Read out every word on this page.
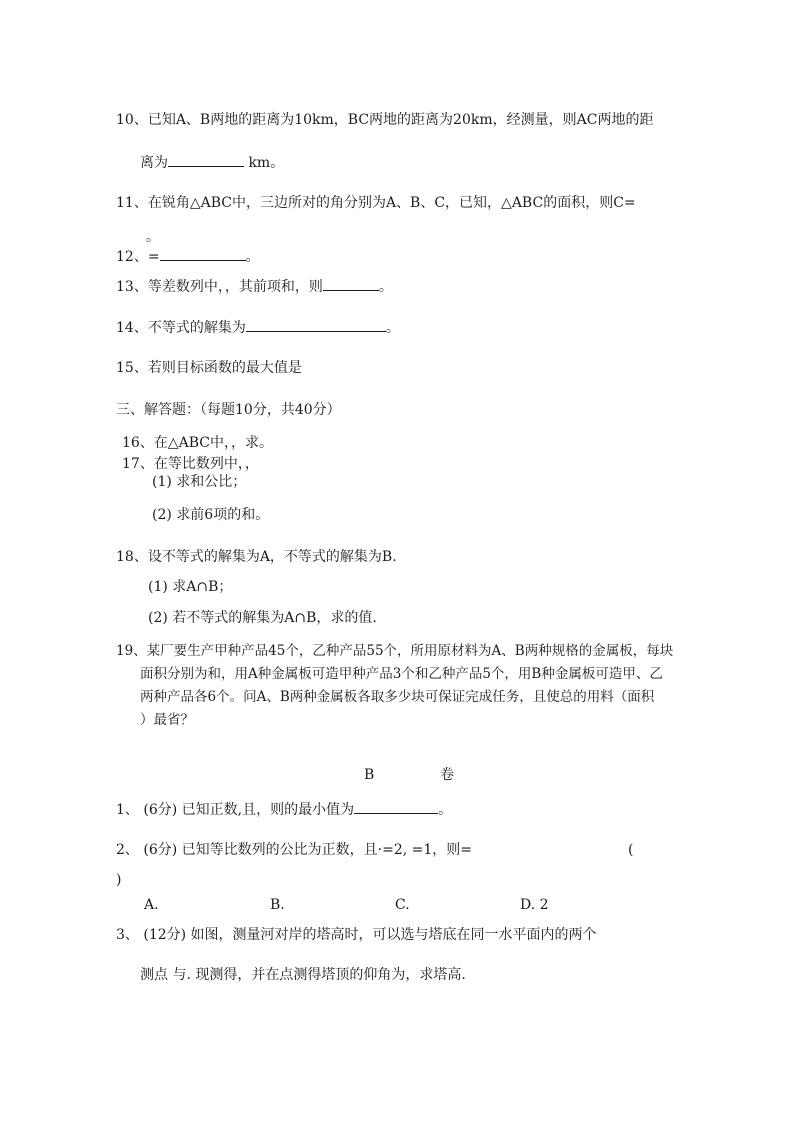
10、已知A、B两地的距离为10km，BC两地的距离为20km，经测量，则AC两地的距
离为	km。
11、在锐角△ABC中，三边所对的角分别为A、B、C，已知，△ABC的面积，则C=
。
12、=	。
13、等差数列中，，其前项和，则	。
14、不等式的解集为	。
15、若则目标函数的最大值是
三、解答题：（每题10分，共40分）
16、在△ABC中，，求。
17、在等比数列中，，
(1) 求和公比；
(2) 求前6项的和。
18、设不等式的解集为A，不等式的解集为B.
(1) 求A∩B；
(2) 若不等式的解集为A∩B，求的值.
19、某厂要生产甲种产品45个，乙种产品55个，所用原材料为A、B两种规格的金属板，每块
面积分别为和，用A种金属板可造甲种产品3个和乙种产品5个，用B种金属板可造甲、乙
两种产品各6个。问A、B两种金属板各取多少块可保证完成任务，且使总的用料（面积
）最省？
B	卷
1、 (6分) 已知正数,且，则的最小值为	。
2、 (6分) 已知等比数列的公比为正数，且·=2, =1，则=	(
)
A.	B.	C.	D. 2
3、 (12分) 如图，测量河对岸的塔高时，可以选与塔底在同一水平面内的两个
测点 与. 现测得，并在点测得塔顶的仰角为，求塔高.
